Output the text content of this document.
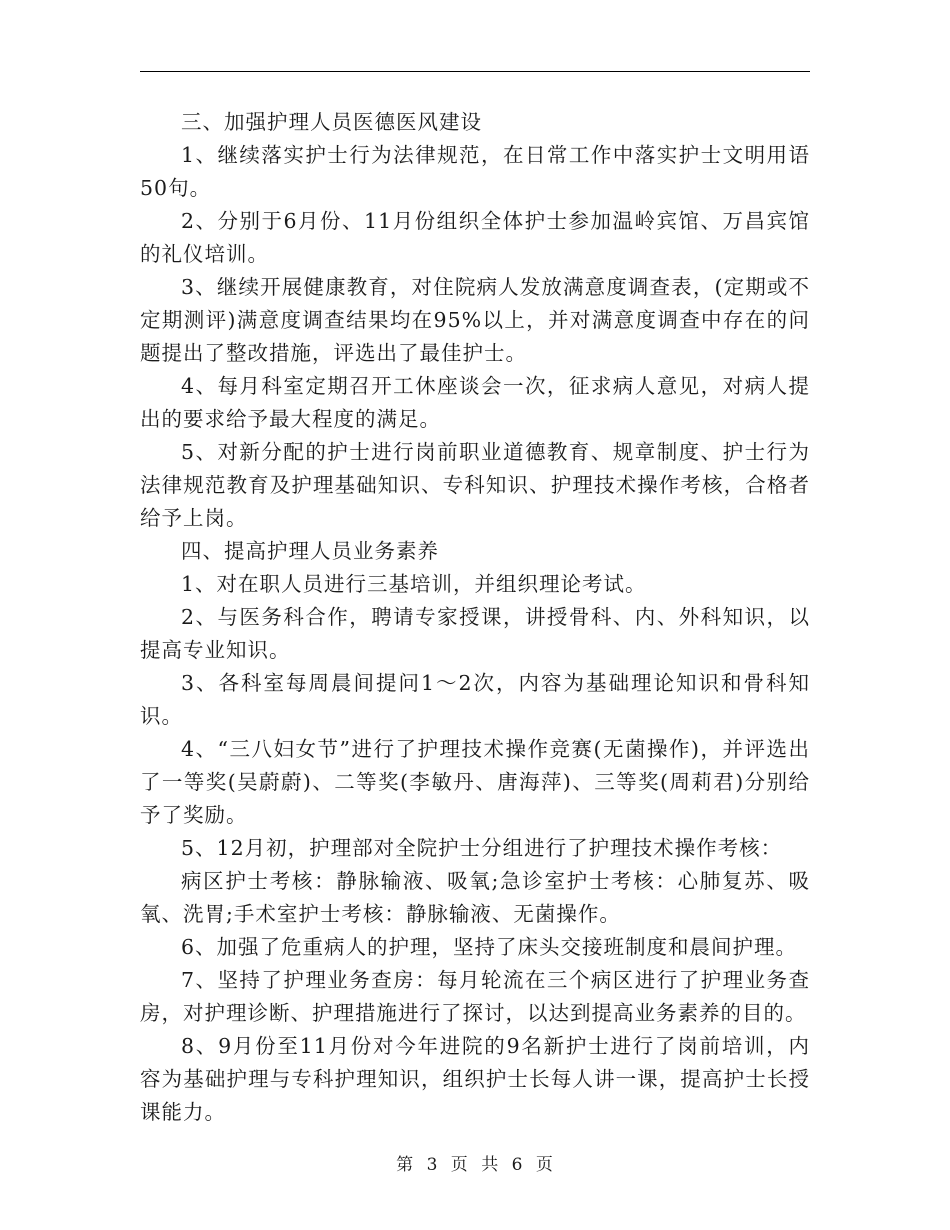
三、加强护理人员医德医风建设

1、继续落实护士行为法律规范，在日常工作中落实护士文明用语50句。

2、分别于6月份、11月份组织全体护士参加温岭宾馆、万昌宾馆的礼仪培训。

3、继续开展健康教育，对住院病人发放满意度调查表，(定期或不定期测评)满意度调查结果均在95%以上，并对满意度调查中存在的问题提出了整改措施，评选出了最佳护士。

4、每月科室定期召开工休座谈会一次，征求病人意见，对病人提出的要求给予最大程度的满足。

5、对新分配的护士进行岗前职业道德教育、规章制度、护士行为法律规范教育及护理基础知识、专科知识、护理技术操作考核，合格者给予上岗。

四、提高护理人员业务素养

1、对在职人员进行三基培训，并组织理论考试。

2、与医务科合作，聘请专家授课，讲授骨科、内、外科知识，以提高专业知识。

3、各科室每周晨间提问1～2次，内容为基础理论知识和骨科知识。

4、“三八妇女节”进行了护理技术操作竞赛(无菌操作)，并评选出了一等奖(吴蔚蔚)、二等奖(李敏丹、唐海萍)、三等奖(周莉君)分别给予了奖励。

5、12月初，护理部对全院护士分组进行了护理技术操作考核：

病区护士考核：静脉输液、吸氧;急诊室护士考核：心肺复苏、吸氧、洗胃;手术室护士考核：静脉输液、无菌操作。

6、加强了危重病人的护理，坚持了床头交接班制度和晨间护理。

7、坚持了护理业务查房：每月轮流在三个病区进行了护理业务查房，对护理诊断、护理措施进行了探讨，以达到提高业务素养的目的。

8、9月份至11月份对今年进院的9名新护士进行了岗前培训，内容为基础护理与专科护理知识，组织护士长每人讲一课，提高护士长授课能力。

第 3 页 共 6 页
